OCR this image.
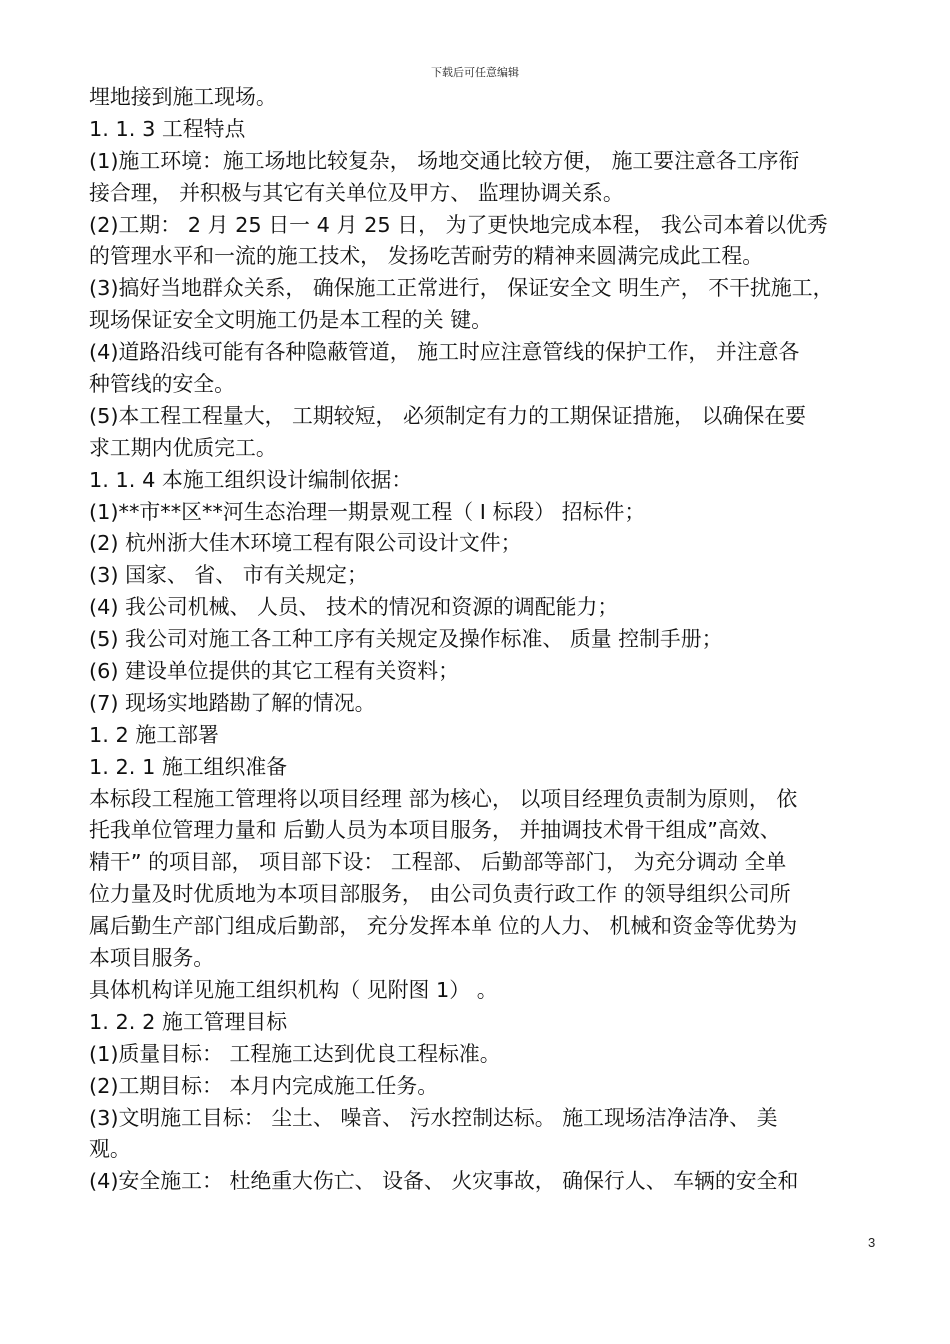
下载后可任意编辑
埋地接到施工现场。
1. 1. 3 工程特点
(1)施工环境：施工场地比较复杂， 场地交通比较方便， 施工要注意各工序衔
接合理， 并积极与其它有关单位及甲方、 监理协调关系。
(2)工期： 2 月 25 日一 4 月 25 日， 为了更快地完成本程， 我公司本着以优秀
的管理水平和一流的施工技术， 发扬吃苦耐劳的精神来圆满完成此工程。
(3)搞好当地群众关系， 确保施工正常进行， 保证安全文 明生产， 不干扰施工，
现场保证安全文明施工仍是本工程的关 键。
(4)道路沿线可能有各种隐蔽管道， 施工时应注意管线的保护工作， 并注意各
种管线的安全。
(5)本工程工程量大， 工期较短， 必须制定有力的工期保证措施， 以确保在要
求工期内优质完工。
1. 1. 4 本施工组织设计编制依据：
(1)**市**区**河生态治理一期景观工程（ I 标段） 招标件；
(2) 杭州浙大佳木环境工程有限公司设计文件；
(3) 国家、 省、 市有关规定；
(4) 我公司机械、 人员、 技术的情况和资源的调配能力；
(5) 我公司对施工各工种工序有关规定及操作标准、 质量 控制手册；
(6) 建设单位提供的其它工程有关资料；
(7) 现场实地踏勘了解的情况。
1. 2 施工部署
1. 2. 1 施工组织准备
本标段工程施工管理将以项目经理 部为核心， 以项目经理负责制为原则， 依
托我单位管理力量和 后勤人员为本项目服务， 并抽调技术骨干组成”高效、
精干” 的项目部， 项目部下设： 工程部、 后勤部等部门， 为充分调动 全单
位力量及时优质地为本项目部服务， 由公司负责行政工作 的领导组织公司所
属后勤生产部门组成后勤部， 充分发挥本单 位的人力、 机械和资金等优势为
本项目服务。
具体机构详见施工组织机构（ 见附图 1） 。
1. 2. 2 施工管理目标
(1)质量目标： 工程施工达到优良工程标准。
(2)工期目标： 本月内完成施工任务。
(3)文明施工目标： 尘土、 噪音、 污水控制达标。 施工现场洁净洁净、 美
观。
(4)安全施工： 杜绝重大伤亡、 设备、 火灾事故， 确保行人、 车辆的安全和
3
